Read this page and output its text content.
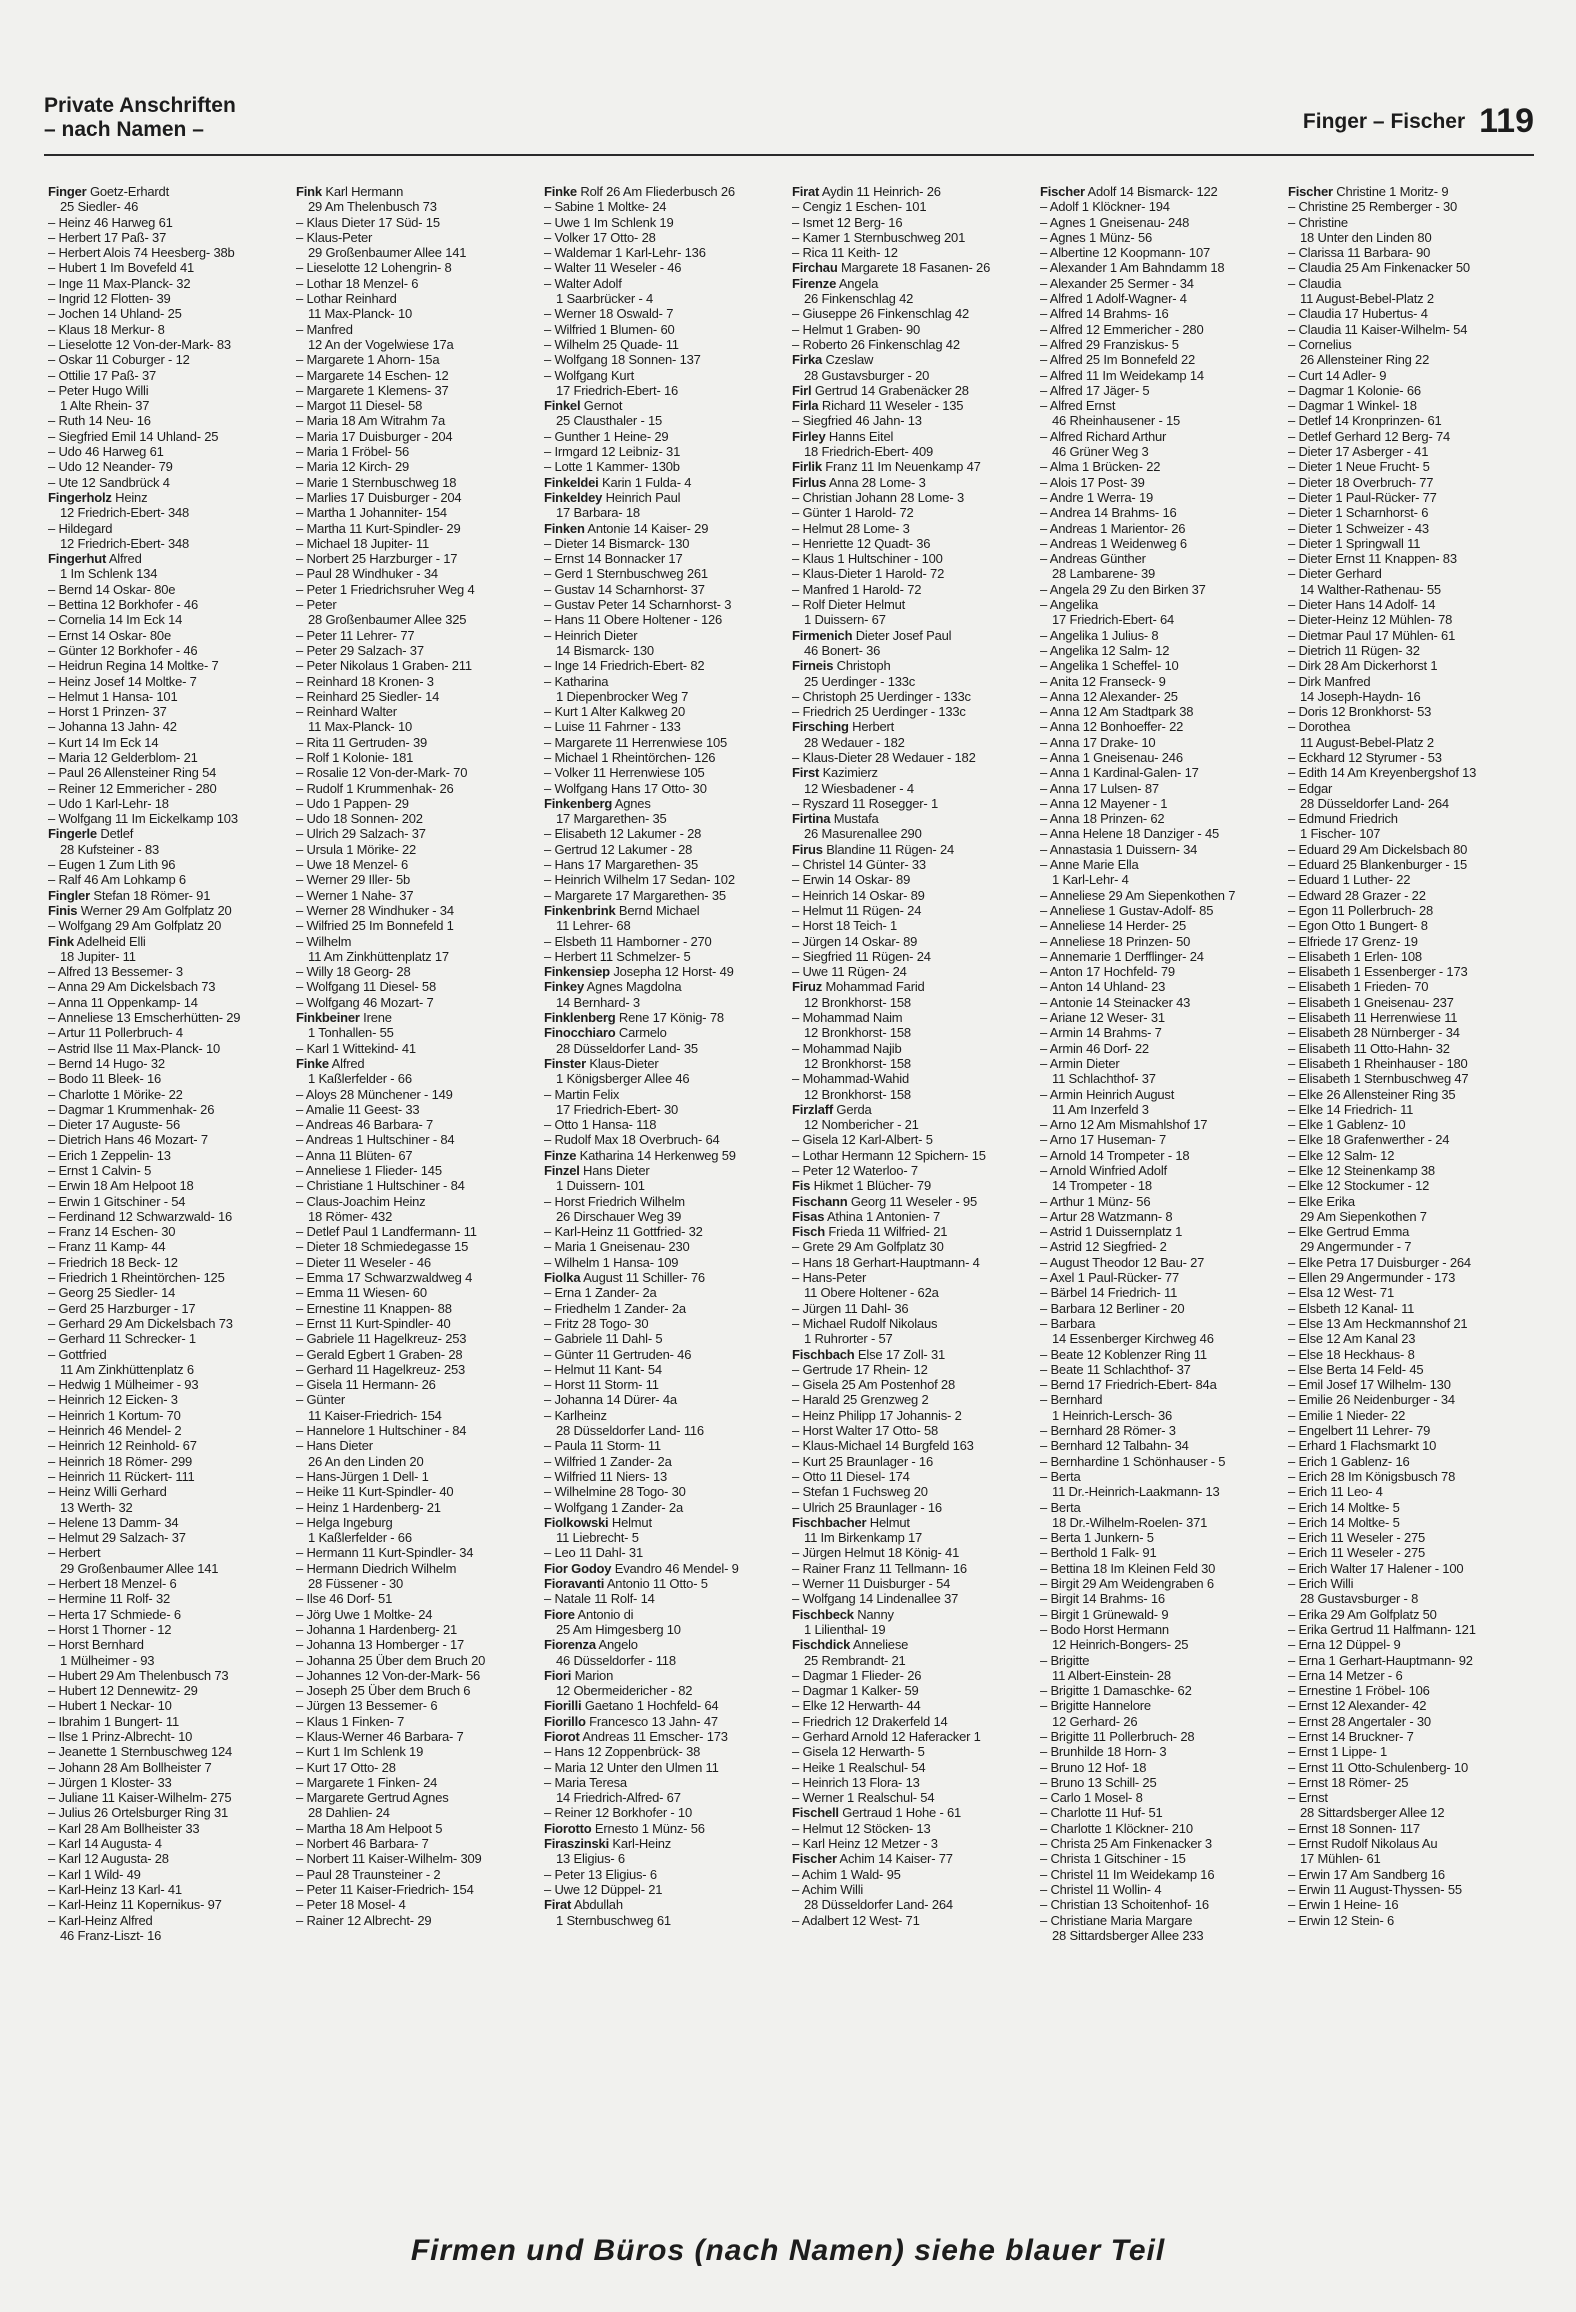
Private Anschriften
– nach Namen –	Finger – Fischer 119
Finger Goetz-Erhardt
25 Siedler- 46
– Heinz 46 Harweg 61
– Herbert 17 Paß- 37
– Herbert Alois 74 Heesberg- 38b
– Hubert 1 Im Bovefeld 41
– Inge 11 Max-Planck- 32
– Ingrid 12 Flotten- 39
– Jochen 14 Uhland- 25
– Klaus 18 Merkur- 8
– Lieselotte 12 Von-der-Mark- 83
– Oskar 11 Coburger - 12
– Ottilie 17 Paß- 37
– Peter Hugo Willi
1 Alte Rhein- 37
– Ruth 14 Neu- 16
– Siegfried Emil 14 Uhland- 25
– Udo 46 Harweg 61
– Udo 12 Neander- 79
– Ute 12 Sandbrück 4
Fingerholz Heinz
12 Friedrich-Ebert- 348
– Hildegard
12 Friedrich-Ebert- 348
Fingerhut Alfred
1 Im Schlenk 134
– Bernd 14 Oskar- 80e
– Bettina 12 Borkhofer - 46
– Cornelia 14 Im Eck 14
– Ernst 14 Oskar- 80e
– Günter 12 Borkhofer - 46
– Heidrun Regina 14 Moltke- 7
– Heinz Josef 14 Moltke- 7
– Helmut 1 Hansa- 101
– Horst 1 Prinzen- 37
– Johanna 13 Jahn- 42
– Kurt 14 Im Eck 14
– Maria 12 Gelderblom- 21
– Paul 26 Allensteiner Ring 54
– Reiner 12 Emmericher - 280
– Udo 1 Karl-Lehr- 18
– Wolfgang 11 Im Eickelkamp 103
Fingerle Detlef
28 Kufsteiner - 83
– Eugen 1 Zum Lith 96
– Ralf 46 Am Lohkamp 6
Fingler Stefan 18 Römer- 91
Finis Werner 29 Am Golfplatz 20
– Wolfgang 29 Am Golfplatz 20
Fink Adelheid Elli
18 Jupiter- 11
– Alfred 13 Bessemer- 3
– Anna 29 Am Dickelsbach 73
– Anna 11 Oppenkamp- 14
– Anneliese 13 Emscherhütten- 29
– Artur 11 Pollerbruch- 4
– Astrid Ilse 11 Max-Planck- 10
– Bernd 14 Hugo- 32
– Bodo 11 Bleek- 16
– Charlotte 1 Mörike- 22
– Dagmar 1 Krummenhak- 26
– Dieter 17 Auguste- 56
– Dietrich Hans 46 Mozart- 7
– Erich 1 Zeppelin- 13
– Ernst 1 Calvin- 5
– Erwin 18 Am Helpoot 18
– Erwin 1 Gitschiner - 54
– Ferdinand 12 Schwarzwald- 16
– Franz 14 Eschen- 30
– Franz 11 Kamp- 44
– Friedrich 18 Beck- 12
– Friedrich 1 Rheintörchen- 125
– Georg 25 Siedler- 14
– Gerd 25 Harzburger - 17
– Gerhard 29 Am Dickelsbach 73
– Gerhard 11 Schrecker- 1
– Gottfried
11 Am Zinkhüttenplatz 6
– Hedwig 1 Mülheimer - 93
– Heinrich 12 Eicken- 3
– Heinrich 1 Kortum- 70
– Heinrich 46 Mendel- 2
– Heinrich 12 Reinhold- 67
– Heinrich 18 Römer- 299
– Heinrich 11 Rückert- 111
– Heinz Willi Gerhard
13 Werth- 32
– Helene 13 Damm- 34
– Helmut 29 Salzach- 37
– Herbert
29 Großenbaumer Allee 141
– Herbert 18 Menzel- 6
– Hermine 11 Rolf- 32
– Herta 17 Schmiede- 6
– Horst 1 Thorner - 12
– Horst Bernhard
1 Mülheimer - 93
– Hubert 29 Am Thelenbusch 73
– Hubert 12 Dennewitz- 29
– Hubert 1 Neckar- 10
– Ibrahim 1 Bungert- 11
– Ilse 1 Prinz-Albrecht- 10
– Jeanette 1 Sternbuschweg 124
– Johann 28 Am Bollheister 7
– Jürgen 1 Kloster- 33
– Juliane 11 Kaiser-Wilhelm- 275
– Julius 26 Ortelsburger Ring 31
– Karl 28 Am Bollheister 33
– Karl 14 Augusta- 4
– Karl 12 Augusta- 28
– Karl 1 Wild- 49
– Karl-Heinz 13 Karl- 41
– Karl-Heinz 11 Kopernikus- 97
– Karl-Heinz Alfred
46 Franz-Liszt- 16
Fink Karl Hermann
29 Am Thelenbusch 73
– Klaus Dieter 17 Süd- 15
– Klaus-Peter
29 Großenbaumer Allee 141
– Lieselotte 12 Lohengrin- 8
– Lothar 18 Menzel- 6
– Lothar Reinhard
11 Max-Planck- 10
– Manfred
12 An der Vogelwiese 17a
– Margarete 1 Ahorn- 15a
– Margarete 14 Eschen- 12
– Margarete 1 Klemens- 37
– Margot 11 Diesel- 58
– Maria 18 Am Witrahm 7a
– Maria 17 Duisburger - 204
– Maria 1 Fröbel- 56
– Maria 12 Kirch- 29
– Marie 1 Sternbuschweg 18
– Marlies 17 Duisburger - 204
– Martha 1 Johanniter- 154
– Martha 11 Kurt-Spindler- 29
– Michael 18 Jupiter- 11
– Norbert 25 Harzburger - 17
– Paul 28 Windhuker - 34
– Peter 1 Friedrichsruher Weg 4
– Peter
28 Großenbaumer Allee 325
– Peter 11 Lehrer- 77
– Peter 29 Salzach- 37
– Peter Nikolaus 1 Graben- 211
– Reinhard 18 Kronen- 3
– Reinhard 25 Siedler- 14
– Reinhard Walter
11 Max-Planck- 10
– Rita 11 Gertruden- 39
– Rolf 1 Kolonie- 181
– Rosalie 12 Von-der-Mark- 70
– Rudolf 1 Krummenhak- 26
– Udo 1 Pappen- 29
– Udo 18 Sonnen- 202
– Ulrich 29 Salzach- 37
– Ursula 1 Mörike- 22
– Uwe 18 Menzel- 6
– Werner 29 Iller- 5b
– Werner 1 Nahe- 37
– Werner 28 Windhuker - 34
– Wilfried 25 Im Bonnefeld 1
– Wilhelm
11 Am Zinkhüttenplatz 17
– Willy 18 Georg- 28
– Wolfgang 11 Diesel- 58
– Wolfgang 46 Mozart- 7
Finkbeiner Irene
1 Tonhallen- 55
– Karl 1 Wittekind- 41
Finke Alfred
1 Kaßlerfelder - 66
– Aloys 28 Münchener - 149
– Amalie 11 Geest- 33
– Andreas 46 Barbara- 7
– Andreas 1 Hultschiner - 84
– Anna 11 Blüten- 67
– Anneliese 1 Flieder- 145
– Christiane 1 Hultschiner - 84
– Claus-Joachim Heinz
18 Römer- 432
– Detlef Paul 1 Landfermann- 11
– Dieter 18 Schmiedegasse 15
– Dieter 11 Weseler - 46
– Emma 17 Schwarzwaldweg 4
– Emma 11 Wiesen- 60
– Ernestine 11 Knappen- 88
– Ernst 11 Kurt-Spindler- 40
– Gabriele 11 Hagelkreuz- 253
– Gerald Egbert 1 Graben- 28
– Gerhard 11 Hagelkreuz- 253
– Gisela 11 Hermann- 26
– Günter
11 Kaiser-Friedrich- 154
– Hannelore 1 Hultschiner - 84
– Hans Dieter
26 An den Linden 20
– Hans-Jürgen 1 Dell- 1
– Heike 11 Kurt-Spindler- 40
– Heinz 1 Hardenberg- 21
– Helga Ingeburg
1 Kaßlerfelder - 66
– Hermann 11 Kurt-Spindler- 34
– Hermann Diedrich Wilhelm
28 Füssener - 30
– Ilse 46 Dorf- 51
– Jörg Uwe 1 Moltke- 24
– Johanna 1 Hardenberg- 21
– Johanna 13 Homberger - 17
– Johanna 25 Über dem Bruch 20
– Johannes 12 Von-der-Mark- 56
– Joseph 25 Über dem Bruch 6
– Jürgen 13 Bessemer- 6
– Klaus 1 Finken- 7
– Klaus-Werner 46 Barbara- 7
– Kurt 1 Im Schlenk 19
– Kurt 17 Otto- 28
– Margarete 1 Finken- 24
– Margarete Gertrud Agnes
28 Dahlien- 24
– Martha 18 Am Helpoot 5
– Norbert 46 Barbara- 7
– Norbert 11 Kaiser-Wilhelm- 309
– Paul 28 Traunsteiner - 2
– Peter 11 Kaiser-Friedrich- 154
– Peter 18 Mosel- 4
– Rainer 12 Albrecht- 29
Finke Rolf 26 Am Fliederbusch 26
– Sabine 1 Moltke- 24
– Uwe 1 Im Schlenk 19
– Volker 17 Otto- 28
– Waldemar 1 Karl-Lehr- 136
– Walter 11 Weseler - 46
– Walter Adolf
1 Saarbrücker - 4
– Werner 18 Oswald- 7
– Wilfried 1 Blumen- 60
– Wilhelm 25 Quade- 11
– Wolfgang 18 Sonnen- 137
– Wolfgang Kurt
17 Friedrich-Ebert- 16
Finkel Gernot
25 Clausthaler - 15
– Gunther 1 Heine- 29
– Irmgard 12 Leibniz- 31
– Lotte 1 Kammer- 130b
Finkeldei Karin 1 Fulda- 4
Finkeldey Heinrich Paul
17 Barbara- 18
Finken Antonie 14 Kaiser- 29
– Dieter 14 Bismarck- 130
– Ernst 14 Bonnacker 17
– Gerd 1 Sternbuschweg 261
– Gustav 14 Scharnhorst- 37
– Gustav Peter 14 Scharnhorst- 3
– Hans 11 Obere Holtener - 126
– Heinrich Dieter
14 Bismarck- 130
– Inge 14 Friedrich-Ebert- 82
– Katharina
1 Diepenbrocker Weg 7
– Kurt 1 Alter Kalkweg 20
– Luise 11 Fahrner - 133
– Margarete 11 Herrenwiese 105
– Michael 1 Rheintörchen- 126
– Volker 11 Herrenwiese 105
– Wolfgang Hans 17 Otto- 30
Finkenberg Agnes
17 Margarethen- 35
– Elisabeth 12 Lakumer - 28
– Gertrud 12 Lakumer - 28
– Hans 17 Margarethen- 35
– Heinrich Wilhelm 17 Sedan- 102
– Margarete 17 Margarethen- 35
Finkenbrink Bernd Michael
11 Lehrer- 68
– Elsbeth 11 Hamborner - 270
– Herbert 11 Schmelzer- 5
Finkensiep Josepha 12 Horst- 49
Finkey Agnes Magdolna
14 Bernhard- 3
Finklenberg Rene 17 König- 78
Finocchiaro Carmelo
28 Düsseldorfer Land- 35
Finster Klaus-Dieter
1 Königsberger Allee 46
– Martin Felix
17 Friedrich-Ebert- 30
– Otto 1 Hansa- 118
– Rudolf Max 18 Overbruch- 64
Finze Katharina 14 Herkenweg 59
Finzel Hans Dieter
1 Duissern- 101
– Horst Friedrich Wilhelm
26 Dirschauer Weg 39
– Karl-Heinz 11 Gottfried- 32
– Maria 1 Gneisenau- 230
– Wilhelm 1 Hansa- 109
Fiolka August 11 Schiller- 76
– Erna 1 Zander- 2a
– Friedhelm 1 Zander- 2a
– Fritz 28 Togo- 30
– Gabriele 11 Dahl- 5
– Günter 11 Gertruden- 46
– Helmut 11 Kant- 54
– Horst 11 Storm- 11
– Johanna 14 Dürer- 4a
– Karlheinz
28 Düsseldorfer Land- 116
– Paula 11 Storm- 11
– Wilfried 1 Zander- 2a
– Wilfried 11 Niers- 13
– Wilhelmine 28 Togo- 30
– Wolfgang 1 Zander- 2a
Fiolkowski Helmut
11 Liebrecht- 5
– Leo 11 Dahl- 31
Fior Godoy Evandro 46 Mendel- 9
Fioravanti Antonio 11 Otto- 5
– Natale 11 Rolf- 14
Fiore Antonio di
25 Am Himgesberg 10
Fiorenza Angelo
46 Düsseldorfer - 118
Fiori Marion
12 Obermeidericher - 82
Fiorilli Gaetano 1 Hochfeld- 64
Fiorillo Francesco 13 Jahn- 47
Fiorot Andreas 11 Emscher- 173
– Hans 12 Zoppenbrück- 38
– Maria 12 Unter den Ulmen 11
– Maria Teresa
14 Friedrich-Alfred- 67
– Reiner 12 Borkhofer - 10
Fiorotto Ernesto 1 Münz- 56
Firaszinski Karl-Heinz
13 Eligius- 6
– Peter 13 Eligius- 6
– Uwe 12 Düppel- 21
Firat Abdullah
1 Sternbuschweg 61
Firat Aydin 11 Heinrich- 26
– Cengiz 1 Eschen- 101
– Ismet 12 Berg- 16
– Kamer 1 Sternbuschweg 201
– Rica 11 Keith- 12
Firchau Margarete 18 Fasanen- 26
Firenze Angela
26 Finkenschlag 42
– Giuseppe 26 Finkenschlag 42
– Helmut 1 Graben- 90
– Roberto 26 Finkenschlag 42
Firka Czeslaw
28 Gustavsburger - 20
Firl Gertrud 14 Grabenäcker 28
Firla Richard 11 Weseler - 135
– Siegfried 46 Jahn- 13
Firley Hanns Eitel
18 Friedrich-Ebert- 409
Firlik Franz 11 Im Neuenkamp 47
Firlus Anna 28 Lome- 3
– Christian Johann 28 Lome- 3
– Günter 1 Harold- 72
– Helmut 28 Lome- 3
– Henriette 12 Quadt- 36
– Klaus 1 Hultschiner - 100
– Klaus-Dieter 1 Harold- 72
– Manfred 1 Harold- 72
– Rolf Dieter Helmut
1 Duissern- 67
Firmenich Dieter Josef Paul
46 Bonert- 36
Firneis Christoph
25 Uerdinger - 133c
– Christoph 25 Uerdinger - 133c
– Friedrich 25 Uerdinger - 133c
Firsching Herbert
28 Wedauer - 182
– Klaus-Dieter 28 Wedauer - 182
First Kazimierz
12 Wiesbadener - 4
– Ryszard 11 Rosegger- 1
Firtina Mustafa
26 Masurenallee 290
Firus Blandine 11 Rügen- 24
– Christel 14 Günter- 33
– Erwin 14 Oskar- 89
– Heinrich 14 Oskar- 89
– Helmut 11 Rügen- 24
– Horst 18 Teich- 1
– Jürgen 14 Oskar- 89
– Siegfried 11 Rügen- 24
– Uwe 11 Rügen- 24
Firuz Mohammad Farid
12 Bronkhorst- 158
– Mohammad Naim
12 Bronkhorst- 158
– Mohammad Najib
12 Bronkhorst- 158
– Mohammad-Wahid
12 Bronkhorst- 158
Firzlaff Gerda
12 Nombericher - 21
– Gisela 12 Karl-Albert- 5
– Lothar Hermann 12 Spichern- 15
– Peter 12 Waterloo- 7
Fis Hikmet 1 Blücher- 79
Fischann Georg 11 Weseler - 95
Fisas Athina 1 Antonien- 7
Fisch Frieda 11 Wilfried- 21
– Grete 29 Am Golfplatz 30
– Hans 18 Gerhart-Hauptmann- 4
– Hans-Peter
11 Obere Holtener - 62a
– Jürgen 11 Dahl- 36
– Michael Rudolf Nikolaus
1 Ruhrorter - 57
Fischbach Else 17 Zoll- 31
– Gertrude 17 Rhein- 12
– Gisela 25 Am Postenhof 28
– Harald 25 Grenzweg 2
– Heinz Philipp 17 Johannis- 2
– Horst Walter 17 Otto- 58
– Klaus-Michael 14 Burgfeld 163
– Kurt 25 Braunlager - 16
– Otto 11 Diesel- 174
– Stefan 1 Fuchsweg 20
– Ulrich 25 Braunlager - 16
Fischbacher Helmut
11 Im Birkenkamp 17
– Jürgen Helmut 18 König- 41
– Rainer Franz 11 Tellmann- 16
– Werner 11 Duisburger - 54
– Wolfgang 14 Lindenallee 37
Fischbeck Nanny
1 Lilienthal- 19
Fischdick Anneliese
25 Rembrandt- 21
– Dagmar 1 Flieder- 26
– Dagmar 1 Kalker- 59
– Elke 12 Herwarth- 44
– Friedrich 12 Drakerfeld 14
– Gerhard Arnold 12 Haferacker 1
– Gisela 12 Herwarth- 5
– Heike 1 Realschul- 54
– Heinrich 13 Flora- 13
– Werner 1 Realschul- 54
Fischell Gertraud 1 Hohe - 61
– Helmut 12 Stöcken- 13
– Karl Heinz 12 Metzer - 3
Fischer Achim 14 Kaiser- 77
– Achim 1 Wald- 95
– Achim Willi
28 Düsseldorfer Land- 264
– Adalbert 12 West- 71
Fischer Adolf 14 Bismarck- 122
– Adolf 1 Klöckner- 194
– Agnes 1 Gneisenau- 248
– Agnes 1 Münz- 56
– Albertine 12 Koopmann- 107
– Alexander 1 Am Bahndamm 18
– Alexander 25 Sermer - 34
– Alfred 1 Adolf-Wagner- 4
– Alfred 14 Brahms- 16
– Alfred 12 Emmericher - 280
– Alfred 29 Franziskus- 5
– Alfred 25 Im Bonnefeld 22
– Alfred 11 Im Weidekamp 14
– Alfred 17 Jäger- 5
– Alfred Ernst
46 Rheinhausener - 15
– Alfred Richard Arthur
46 Grüner Weg 3
– Alma 1 Brücken- 22
– Alois 17 Post- 39
– Andre 1 Werra- 19
– Andrea 14 Brahms- 16
– Andreas 1 Marientor- 26
– Andreas 1 Weidenweg 6
– Andreas Günther
28 Lambarene- 39
– Angela 29 Zu den Birken 37
– Angelika
17 Friedrich-Ebert- 64
– Angelika 1 Julius- 8
– Angelika 12 Salm- 12
– Angelika 1 Scheffel- 10
– Anita 12 Franseck- 9
– Anna 12 Alexander- 25
– Anna 12 Am Stadtpark 38
– Anna 12 Bonhoeffer- 22
– Anna 17 Drake- 10
– Anna 1 Gneisenau- 246
– Anna 1 Kardinal-Galen- 17
– Anna 17 Lulsen- 87
– Anna 12 Mayener - 1
– Anna 18 Prinzen- 62
– Anna Helene 18 Danziger - 45
– Annastasia 1 Duissern- 34
– Anne Marie Ella
1 Karl-Lehr- 4
– Anneliese 29 Am Siepenkothen 7
– Anneliese 1 Gustav-Adolf- 85
– Anneliese 14 Herder- 25
– Anneliese 18 Prinzen- 50
– Annemarie 1 Derfflinger- 24
– Anton 17 Hochfeld- 79
– Anton 14 Uhland- 23
– Antonie 14 Steinacker 43
– Ariane 12 Weser- 31
– Armin 14 Brahms- 7
– Armin 46 Dorf- 22
– Armin Dieter
11 Schlachthof- 37
– Armin Heinrich August
11 Am Inzerfeld 3
– Arno 12 Am Mismahlshof 17
– Arno 17 Huseman- 7
– Arnold 14 Trompeter - 18
– Arnold Winfried Adolf
14 Trompeter - 18
– Arthur 1 Münz- 56
– Artur 28 Watzmann- 8
– Astrid 1 Duissernplatz 1
– Astrid 12 Siegfried- 2
– August Theodor 12 Bau- 27
– Axel 1 Paul-Rücker- 77
– Bärbel 14 Friedrich- 11
– Barbara 12 Berliner - 20
– Barbara
14 Essenberger Kirchweg 46
– Beate 12 Koblenzer Ring 11
– Beate 11 Schlachthof- 37
– Bernd 17 Friedrich-Ebert- 84a
– Bernhard
1 Heinrich-Lersch- 36
– Bernhard 28 Römer- 3
– Bernhard 12 Talbahn- 34
– Bernhardine 1 Schönhauser - 5
– Berta
11 Dr.-Heinrich-Laakmann- 13
– Berta
18 Dr.-Wilhelm-Roelen- 371
– Berta 1 Junkern- 5
– Berthold 1 Falk- 91
– Bettina 18 Im Kleinen Feld 30
– Birgit 29 Am Weidengraben 6
– Birgit 14 Brahms- 16
– Birgit 1 Grünewald- 9
– Bodo Horst Hermann
12 Heinrich-Bongers- 25
– Brigitte
11 Albert-Einstein- 28
– Brigitte 1 Damaschke- 62
– Brigitte Hannelore
12 Gerhard- 26
– Brigitte 11 Pollerbruch- 28
– Brunhilde 18 Horn- 3
– Bruno 12 Hof- 18
– Bruno 13 Schill- 25
– Carlo 1 Mosel- 8
– Charlotte 11 Huf- 51
– Charlotte 1 Klöckner- 210
– Christa 25 Am Finkenacker 3
– Christa 1 Gitschiner - 15
– Christel 11 Im Weidekamp 16
– Christel 11 Wollin- 4
– Christian 13 Schoitenhof- 16
– Christiane Maria Margare
28 Sittardsberger Allee 233
Fischer Christine 1 Moritz- 9
– Christine 25 Remberger - 30
– Christine
18 Unter den Linden 80
– Clarissa 11 Barbara- 90
– Claudia 25 Am Finkenacker 50
– Claudia
11 August-Bebel-Platz 2
– Claudia 17 Hubertus- 4
– Claudia 11 Kaiser-Wilhelm- 54
– Cornelius
26 Allensteiner Ring 22
– Curt 14 Adler- 9
– Dagmar 1 Kolonie- 66
– Dagmar 1 Winkel- 18
– Detlef 14 Kronprinzen- 61
– Detlef Gerhard 12 Berg- 74
– Dieter 17 Asberger - 41
– Dieter 1 Neue Frucht- 5
– Dieter 18 Overbruch- 77
– Dieter 1 Paul-Rücker- 77
– Dieter 1 Scharnhorst- 6
– Dieter 1 Schweizer - 43
– Dieter 1 Springwall 11
– Dieter Ernst 11 Knappen- 83
– Dieter Gerhard
14 Walther-Rathenau- 55
– Dieter Hans 14 Adolf- 14
– Dieter-Heinz 12 Mühlen- 78
– Dietmar Paul 17 Mühlen- 61
– Dietrich 11 Rügen- 32
– Dirk 28 Am Dickerhorst 1
– Dirk Manfred
14 Joseph-Haydn- 16
– Doris 12 Bronkhorst- 53
– Dorothea
11 August-Bebel-Platz 2
– Eckhard 12 Styrumer - 53
– Edith 14 Am Kreyenbergshof 13
– Edgar
28 Düsseldorfer Land- 264
– Edmund Friedrich
1 Fischer- 107
– Eduard 29 Am Dickelsbach 80
– Eduard 25 Blankenburger - 15
– Eduard 1 Luther- 22
– Edward 28 Grazer - 22
– Egon 11 Pollerbruch- 28
– Egon Otto 1 Bungert- 8
– Elfriede 17 Grenz- 19
– Elisabeth 1 Erlen- 108
– Elisabeth 1 Essenberger - 173
– Elisabeth 1 Frieden- 70
– Elisabeth 1 Gneisenau- 237
– Elisabeth 11 Herrenwiese 11
– Elisabeth 28 Nürnberger - 34
– Elisabeth 11 Otto-Hahn- 32
– Elisabeth 1 Rheinhauser - 180
– Elisabeth 1 Sternbuschweg 47
– Elke 26 Allensteiner Ring 35
– Elke 14 Friedrich- 11
– Elke 1 Gablenz- 10
– Elke 18 Grafenwerther - 24
– Elke 12 Salm- 12
– Elke 12 Steinenkamp 38
– Elke 12 Stockumer - 12
– Elke Erika
29 Am Siepenkothen 7
– Elke Gertrud Emma
29 Angermunder - 7
– Elke Petra 17 Duisburger - 264
– Ellen 29 Angermunder - 173
– Elsa 12 West- 71
– Elsbeth 12 Kanal- 11
– Else 13 Am Heckmannshof 21
– Else 12 Am Kanal 23
– Else 18 Heckhaus- 8
– Else Berta 14 Feld- 45
– Emil Josef 17 Wilhelm- 130
– Emilie 26 Neidenburger - 34
– Emilie 1 Nieder- 22
– Engelbert 11 Lehrer- 79
– Erhard 1 Flachsmarkt 10
– Erich 1 Gablenz- 16
– Erich 28 Im Königsbusch 78
– Erich 11 Leo- 4
– Erich 14 Moltke- 5
– Erich 14 Moltke- 5
– Erich 11 Weseler - 275
– Erich 11 Weseler - 275
– Erich Walter 17 Halener - 100
– Erich Willi
28 Gustavsburger - 8
– Erika 29 Am Golfplatz 50
– Erika Gertrud 11 Halfmann- 121
– Erna 12 Düppel- 9
– Erna 1 Gerhart-Hauptmann- 92
– Erna 14 Metzer - 6
– Ernestine 1 Fröbel- 106
– Ernst 12 Alexander- 42
– Ernst 28 Angertaler - 30
– Ernst 14 Bruckner- 7
– Ernst 1 Lippe- 1
– Ernst 11 Otto-Schulenberg- 10
– Ernst 18 Römer- 25
– Ernst
28 Sittardsberger Allee 12
– Ernst 18 Sonnen- 117
– Ernst Rudolf Nikolaus Au
17 Mühlen- 61
– Erwin 17 Am Sandberg 16
– Erwin 11 August-Thyssen- 55
– Erwin 1 Heine- 16
– Erwin 12 Stein- 6
Firmen und Büros (nach Namen) siehe blauer Teil
